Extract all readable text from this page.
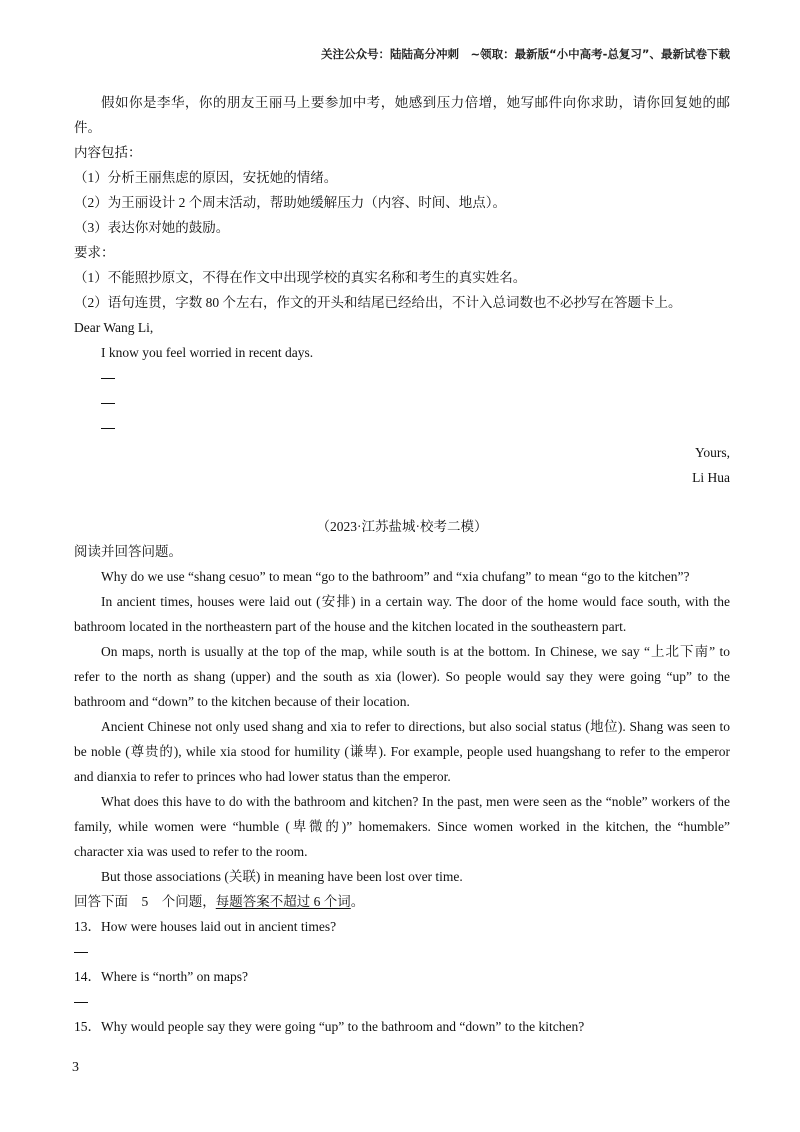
关注公众号：陆陆高分冲刺　~领取：最新版“小中高考-总复习”、最新试卷下载

假如你是李华，你的朋友王丽马上要参加中考，她感到压力倍增，她写邮件向你求助，请你回复她的邮件。

内容包括：

（1）分析王丽焦虑的原因，安抚她的情绪。

（2）为王丽设计 2 个周末活动，帮助她缓解压力（内容、时间、地点）。

（3）表达你对她的鼓励。

要求：

（1）不能照抄原文，不得在作文中出现学校的真实名称和考生的真实姓名。

（2）语句连贯，字数 80 个左右，作文的开头和结尾已经给出，不计入总词数也不必抄写在答题卡上。

Dear Wang Li,

I know you feel worried in recent days.

Yours,

Li Hua

（2023·江苏盐城·校考二模）

阅读并回答问题。

Why do we use “shang cesuo” to mean “go to the bathroom” and “xia chufang” to mean “go to the kitchen”?

In ancient times, houses were laid out (安排) in a certain way. The door of the home would face south, with the bathroom located in the northeastern part of the house and the kitchen located in the southeastern part.

On maps, north is usually at the top of the map, while south is at the bottom. In Chinese, we say “上北下南” to refer to the north as shang (upper) and the south as xia (lower). So people would say they were going “up” to the bathroom and “down” to the kitchen because of their location.

Ancient Chinese not only used shang and xia to refer to directions, but also social status (地位). Shang was seen to be noble (尊贵的), while xia stood for humility (谦卑). For example, people used huangshang to refer to the emperor and dianxia to refer to princes who had lower status than the emperor.

What does this have to do with the bathroom and kitchen? In the past, men were seen as the “noble” workers of the family, while women were “humble (卑微的)” homemakers. Since women worked in the kitchen, the “humble” character xia was used to refer to the room.

But those associations (关联) in meaning have been lost over time.

回答下面　5　个问题，每题答案不超过 6 个词。

13．How were houses laid out in ancient times?

14．Where is “north” on maps?

15．Why would people say they were going “up” to the bathroom and “down” to the kitchen?

3
